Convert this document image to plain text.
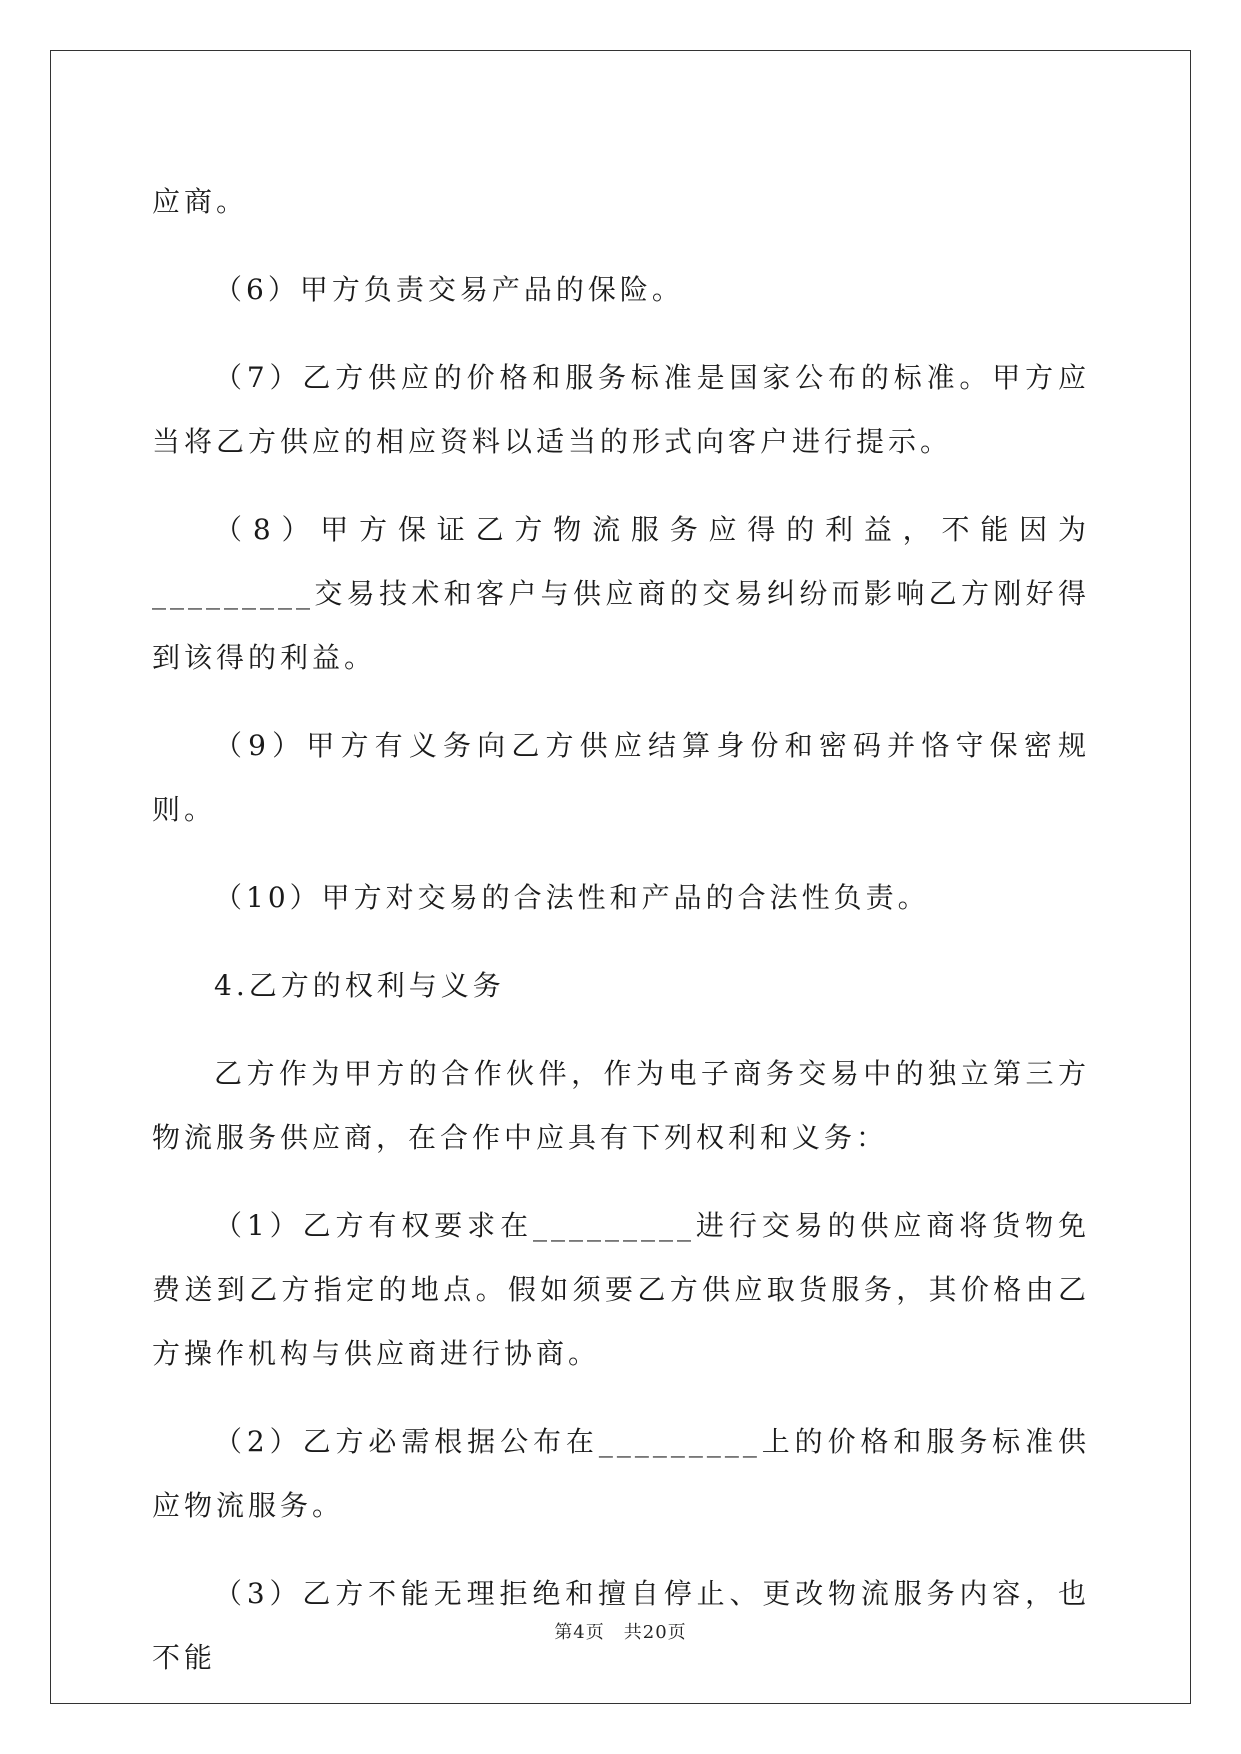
应商。

（6）甲方负责交易产品的保险。

（7）乙方供应的价格和服务标准是国家公布的标准。甲方应当将乙方供应的相应资料以适当的形式向客户进行提示。

（8）甲方保证乙方物流服务应得的利益，不能因为_________交易技术和客户与供应商的交易纠纷而影响乙方刚好得到该得的利益。

（9）甲方有义务向乙方供应结算身份和密码并恪守保密规则。

（10）甲方对交易的合法性和产品的合法性负责。

4.乙方的权利与义务

乙方作为甲方的合作伙伴，作为电子商务交易中的独立第三方物流服务供应商，在合作中应具有下列权利和义务：

（1）乙方有权要求在_________进行交易的供应商将货物免费送到乙方指定的地点。假如须要乙方供应取货服务，其价格由乙方操作机构与供应商进行协商。

（2）乙方必需根据公布在_________上的价格和服务标准供应物流服务。

（3）乙方不能无理拒绝和擅自停止、更改物流服务内容，也不能

第4页　共20页
